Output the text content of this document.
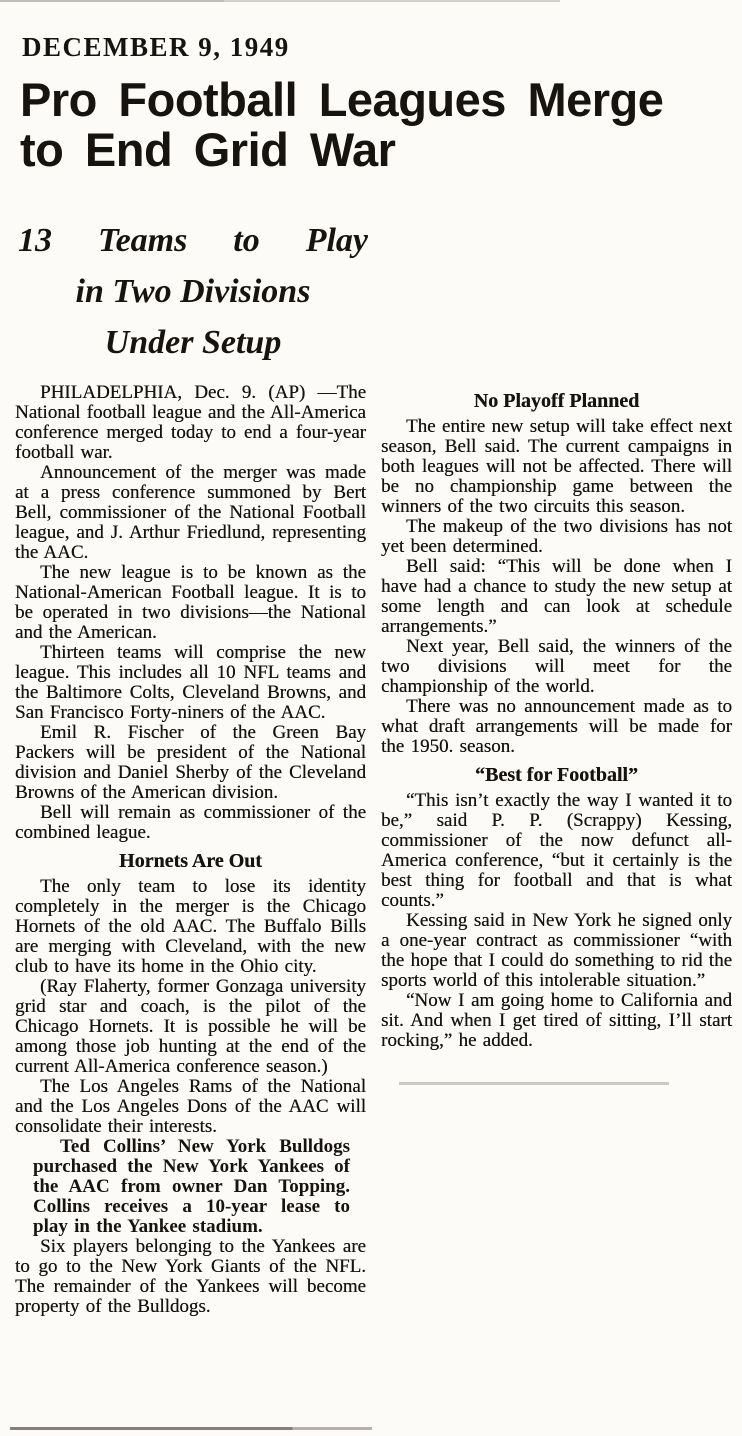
DECEMBER 9, 1949
Pro Football Leagues Merge
to End Grid War
13 Teams to Play
in Two Divisions
Under Setup

PHILADELPHIA, Dec. 9. (AP) —The National football league and the All-America conference merged today to end a four-year football war.

Announcement of the merger was made at a press conference summoned by Bert Bell, commissioner of the National Football league, and J. Arthur Friedlund, representing the AAC.

The new league is to be known as the National-American Football league. It is to be operated in two divisions—the National and the American.

Thirteen teams will comprise the new league. This includes all 10 NFL teams and the Baltimore Colts, Cleveland Browns, and San Francisco Forty-niners of the AAC.

Emil R. Fischer of the Green Bay Packers will be president of the National division and Daniel Sherby of the Cleveland Browns of the American division.

Bell will remain as commissioner of the combined league.

Hornets Are Out

The only team to lose its identity completely in the merger is the Chicago Hornets of the old AAC. The Buffalo Bills are merging with Cleveland, with the new club to have its home in the Ohio city.

(Ray Flaherty, former Gonzaga university grid star and coach, is the pilot of the Chicago Hornets. It is possible he will be among those job hunting at the end of the current All-America conference season.)

The Los Angeles Rams of the National and the Los Angeles Dons of the AAC will consolidate their interests.

Ted Collins’ New York Bulldogs purchased the New York Yankees of the AAC from owner Dan Topping. Collins receives a 10-year lease to play in the Yankee stadium.

Six players belonging to the Yankees are to go to the New York Giants of the NFL. The remainder of the Yankees will become property of the Bulldogs.

No Playoff Planned

The entire new setup will take effect next season, Bell said. The current campaigns in both leagues will not be affected. There will be no championship game between the winners of the two circuits this season.

The makeup of the two divisions has not yet been determined.

Bell said: “This will be done when I have had a chance to study the new setup at some length and can look at schedule arrangements.”

Next year, Bell said, the winners of the two divisions will meet for the championship of the world.

There was no announcement made as to what draft arrangements will be made for the 1950. season.

“Best for Football”

“This isn’t exactly the way I wanted it to be,” said P. P. (Scrappy) Kessing, commissioner of the now defunct all-America conference, “but it certainly is the best thing for football and that is what counts.”

Kessing said in New York he signed only a one-year contract as commissioner “with the hope that I could do something to rid the sports world of this intolerable situation.”

“Now I am going home to California and sit. And when I get tired of sitting, I’ll start rocking,” he added.
